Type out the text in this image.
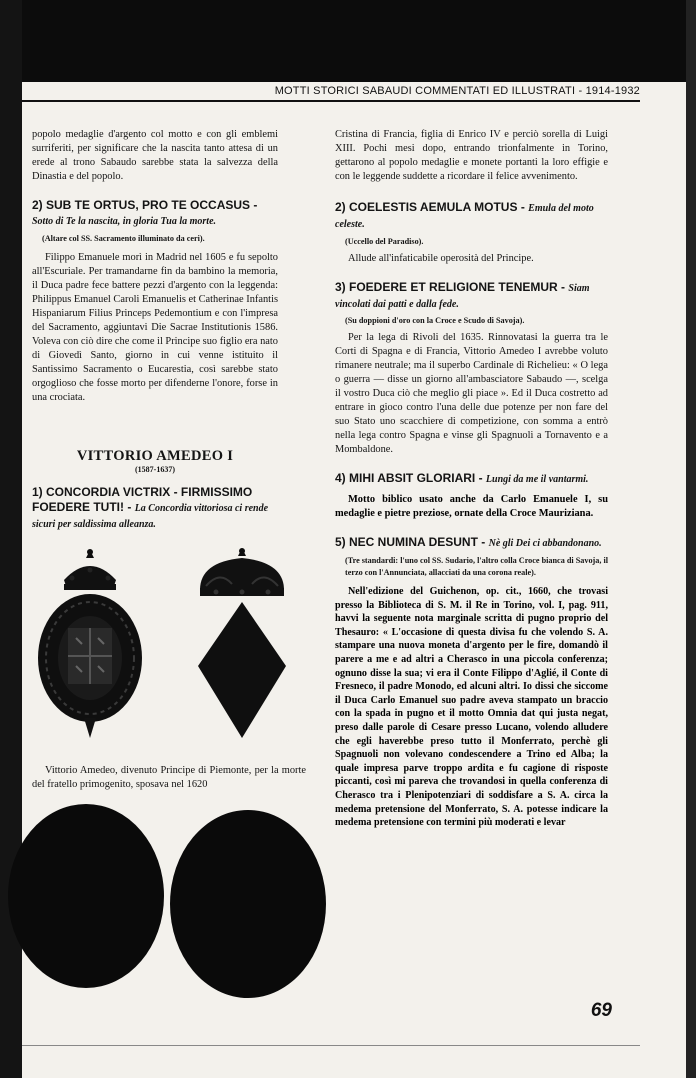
MOTTI STORICI SABAUDI COMMENTATI ED ILLUSTRATI - 1914-1932

popolo medaglie d'argento col motto e con gli emblemi surriferiti, per significare che la nascita tanto attesa di un erede al trono Sabaudo sarebbe stata la salvezza della Dinastia e del popolo.

2) SUB TE ORTUS, PRO TE OCCASUS - Sotto di Te la nascita, in gloria Tua la morte.

(Altare col SS. Sacramento illuminato da ceri).

Filippo Emanuele morì in Madrid nel 1605 e fu sepolto all'Escuriale. Per tramandarne fin da bambino la memoria, il Duca padre fece battere pezzi d'argento con la leggenda: Philippus Emanuel Caroli Emanuelis et Catherinae Infantis Hispaniarum Filius Princeps Pedemontium e con l'impresa del Sacramento, aggiuntavi Die Sacrae Institutionis 1586. Voleva con ciò dire che come il Principe suo figlio era nato di Giovedì Santo, giorno in cui venne istituito il Santissimo Sacramento o Eucarestia, così sarebbe stato orgoglioso che fosse morto per difenderne l'onore, forse in una crociata.

VITTORIO AMEDEO I

(1587-1637)

1) CONCORDIA VICTRIX - FIRMISSIMO FOEDERE TUTI! - La Concordia vittoriosa ci rende sicuri per saldissima alleanza.

Vittorio Amedeo, divenuto Principe di Piemonte, per la morte del fratello primogenito, sposava nel 1620

Cristina di Francia, figlia di Enrico IV e perciò sorella di Luigi XIII. Pochi mesi dopo, entrando trionfalmente in Torino, gettarono al popolo medaglie e monete portanti la loro effigie e con le leggende suddette a ricordare il felice avvenimento.

2) COELESTIS AEMULA MOTUS - Emula del moto celeste.

(Uccello del Paradiso).

Allude all'infaticabile operosità del Principe.

3) FOEDERE ET RELIGIONE TENEMUR - Siam vincolati dai patti e dalla fede.

(Su doppioni d'oro con la Croce e Scudo di Savoja).

Per la lega di Rivoli del 1635. Rinnovatasi la guerra tra le Corti di Spagna e di Francia, Vittorio Amedeo I avrebbe voluto rimanere neutrale; ma il superbo Cardinale di Richelieu: « O lega o guerra — disse un giorno all'ambasciatore Sabaudo —, scelga il vostro Duca ciò che meglio gli piace ». Ed il Duca costretto ad entrare in gioco contro l'una delle due potenze per non fare del suo Stato uno scacchiere di competizione, con somma a entrò nella lega contro Spagna e vinse gli Spagnuoli a Tornavento e a Mombaldone.

4) MIHI ABSIT GLORIARI - Lungi da me il vantarmi.

Motto biblico usato anche da Carlo Emanuele I, su medaglie e pietre preziose, ornate della Croce Mauriziana.

5) NEC NUMINA DESUNT - Nè gli Dei ci abbandonano.

(Tre standardi: l'uno col SS. Sudario, l'altro colla Croce bianca di Savoja, il terzo con l'Annunciata, allacciati da una corona reale).

Nell'edizione del Guichenon, op. cit., 1660, che trovasi presso la Biblioteca di S. M. il Re in Torino, vol. I, pag. 911, havvi la seguente nota marginale scritta di pugno proprio del Thesauro: « L'occasione di questa divisa fu che volendo S. A. stampare una nuova moneta d'argento per le fire, domandò il parere a me e ad altri a Cherasco in una piccola conferenza; ognuno disse la sua; vi era il Conte Filippo d'Aglié, il Conte di Fresneco, il padre Monodo, ed alcuni altri. Io dissi che siccome il Duca Carlo Emanuel suo padre aveva stampato un braccio con la spada in pugno et il motto Omnia dat qui justa negat, preso dalle parole di Cesare presso Lucano, volendo alludere che egli haverebbe preso tutto il Monferrato, perchè gli Spagnuoli non volevano condescendere a Trino ed Alba; la quale impresa parve troppo ardita e fu cagione di risposte piccanti, così mi pareva che trovandosi in quella conferenza di Cherasco tra i Plenipotenziari di soddisfare a S. A. circa la medema pretensione del Monferrato, S. A. potesse indicare la medema pretensione con termini più moderati e levar

69
